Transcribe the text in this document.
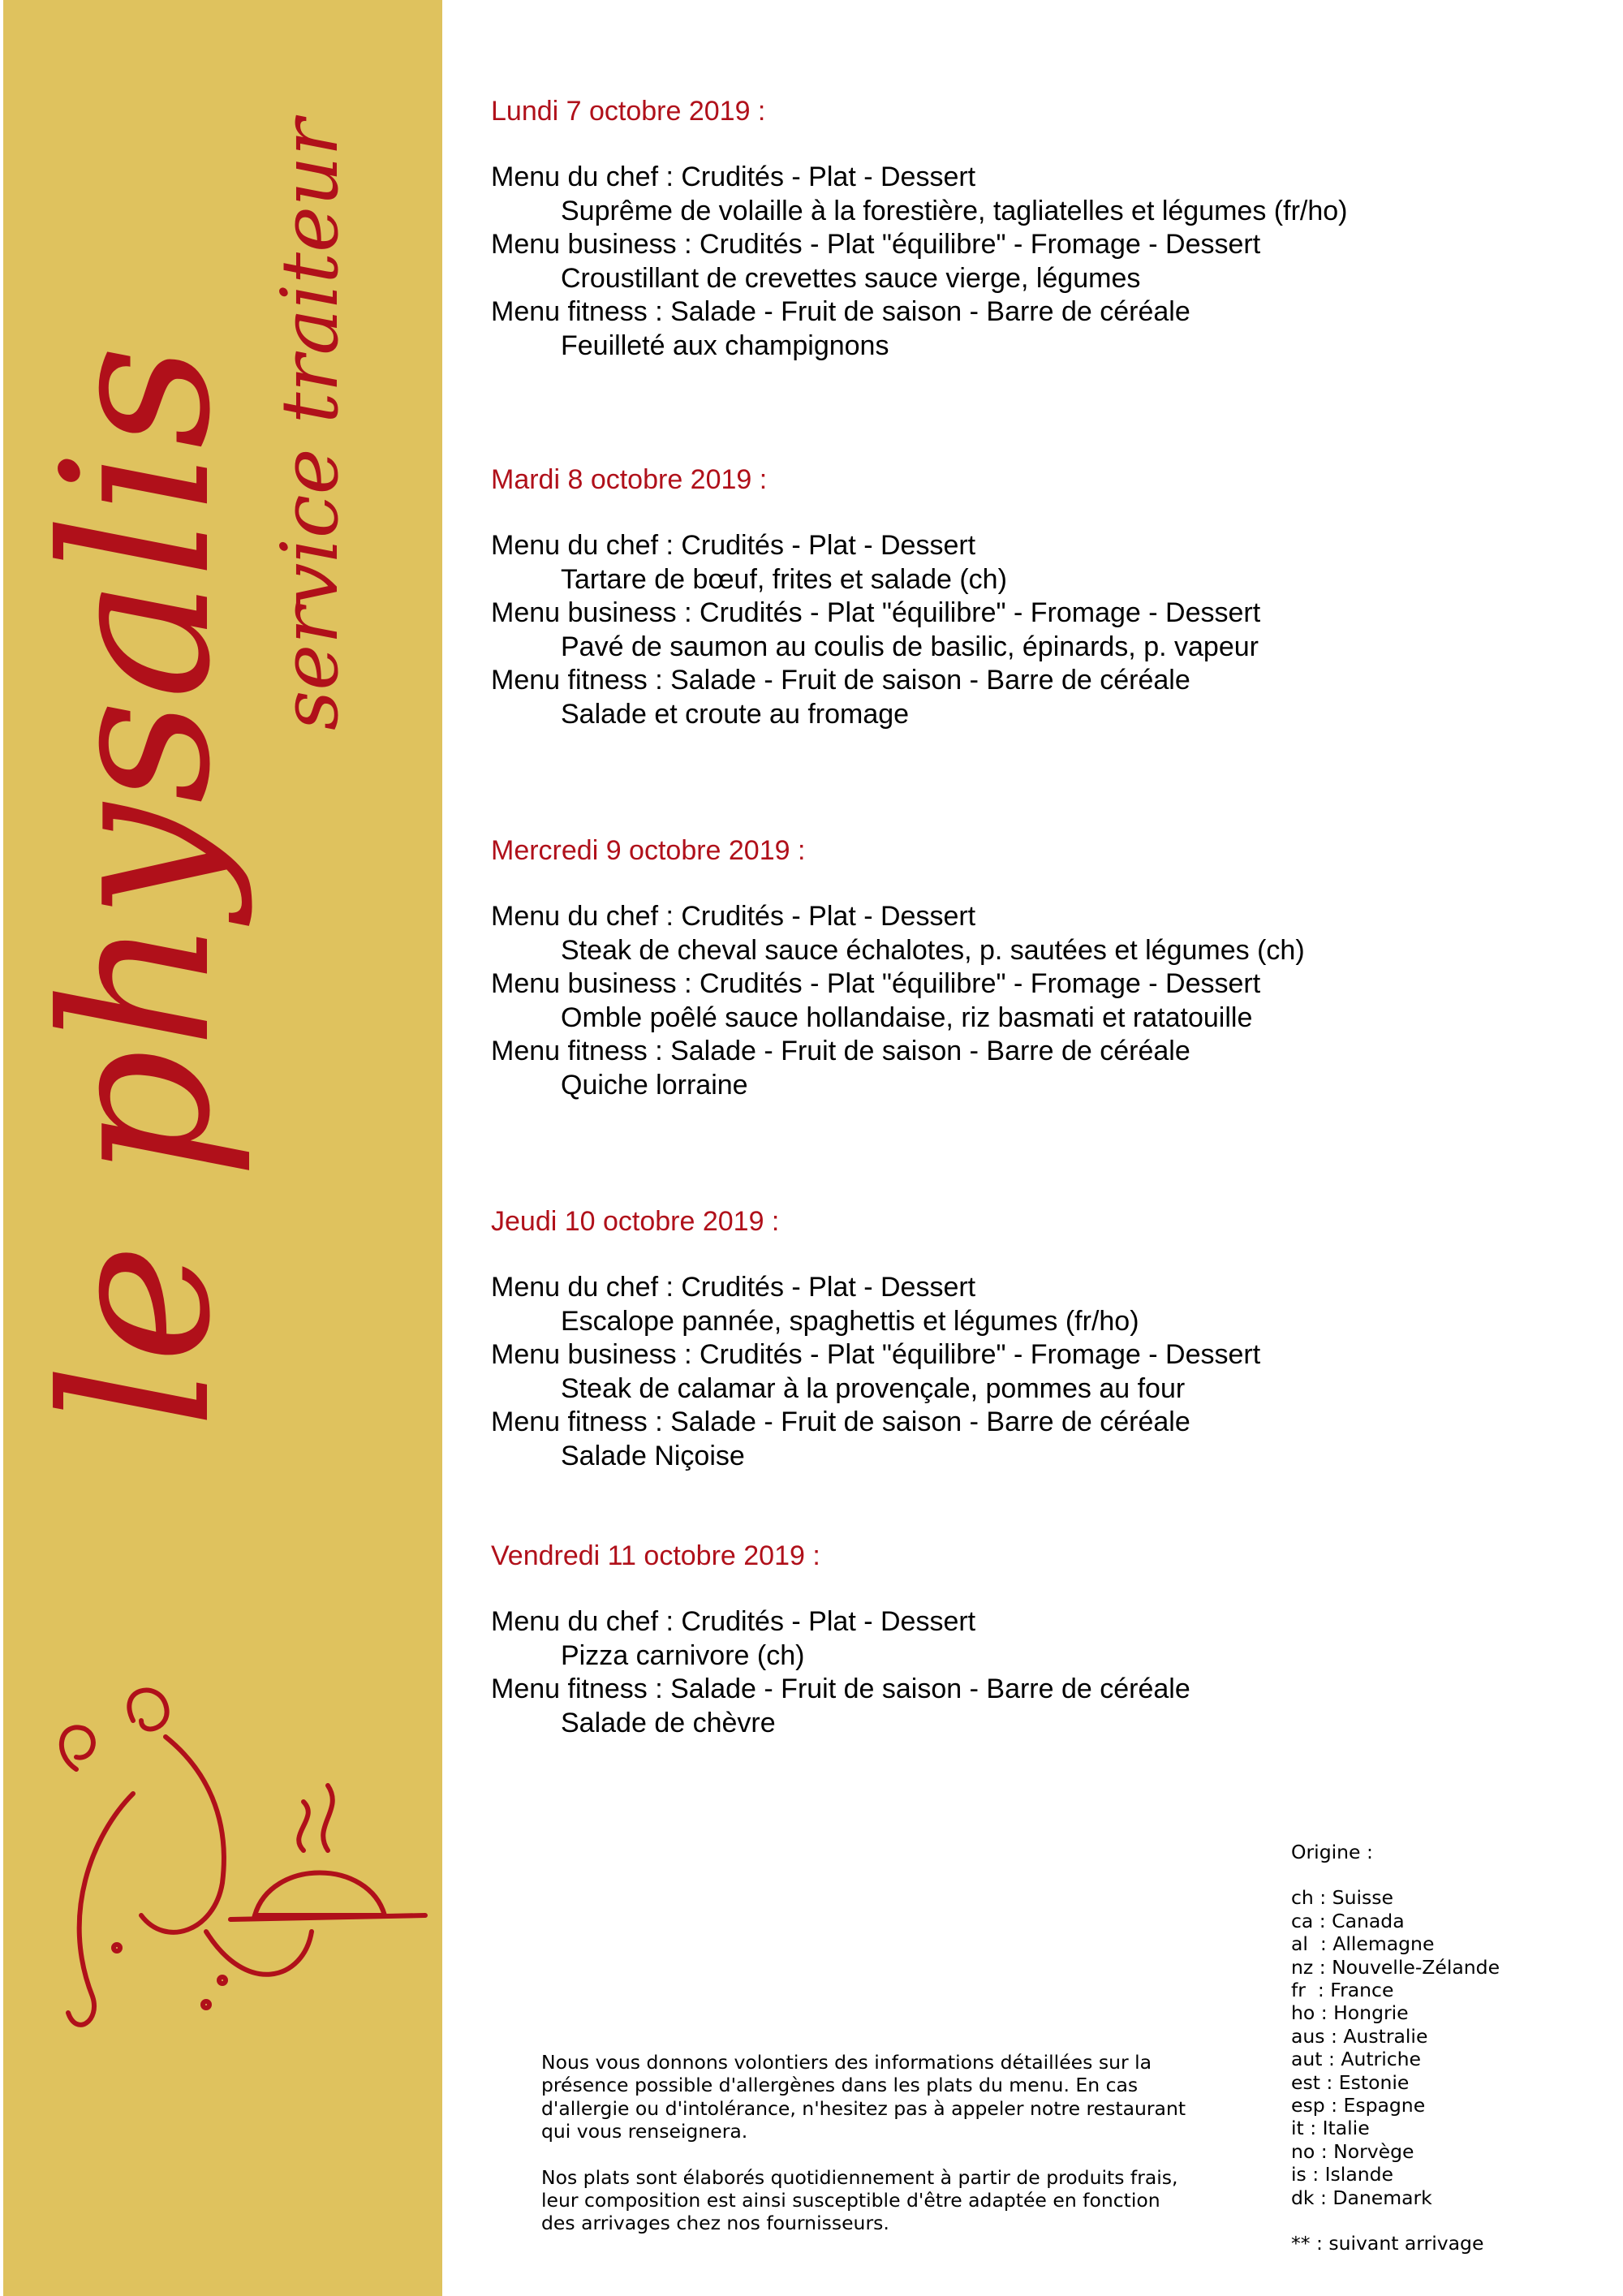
le physalis service traiteur
Lundi 7 octobre 2019 :
Menu du chef : Crudités - Plat - Dessert
Suprême de volaille à la forestière, tagliatelles et légumes (fr/ho)
Menu business : Crudités - Plat "équilibre" - Fromage - Dessert
Croustillant de crevettes sauce vierge, légumes
Menu fitness : Salade - Fruit de saison - Barre de céréale
Feuilleté aux champignons
Mardi 8 octobre 2019 :
Menu du chef : Crudités - Plat - Dessert
Tartare de bœuf, frites et salade (ch)
Menu business : Crudités - Plat "équilibre" - Fromage - Dessert
Pavé de saumon au coulis de basilic, épinards, p. vapeur
Menu fitness : Salade - Fruit de saison - Barre de céréale
Salade et croute au fromage
Mercredi 9 octobre 2019 :
Menu du chef : Crudités - Plat - Dessert
Steak de cheval sauce échalotes, p. sautées et légumes (ch)
Menu business : Crudités - Plat "équilibre" - Fromage - Dessert
Omble poêlé sauce hollandaise, riz basmati et ratatouille
Menu fitness : Salade - Fruit de saison - Barre de céréale
Quiche lorraine
Jeudi 10 octobre 2019 :
Menu du chef : Crudités - Plat - Dessert
Escalope pannée, spaghettis et légumes (fr/ho)
Menu business : Crudités - Plat "équilibre" - Fromage - Dessert
Steak de calamar à la provençale, pommes au four
Menu fitness : Salade - Fruit de saison - Barre de céréale
Salade Niçoise
Vendredi 11 octobre 2019 :
Menu du chef : Crudités - Plat - Dessert
Pizza carnivore (ch)
Menu fitness : Salade - Fruit de saison - Barre de céréale
Salade de chèvre
Origine :
ch : Suisse
ca : Canada
al  : Allemagne
nz : Nouvelle-Zélande
fr  : France
ho : Hongrie
aus : Australie
aut : Autriche
est : Estonie
esp : Espagne
it : Italie
no : Norvège
is : Islande
dk : Danemark
** : suivant arrivage

Nous vous donnons volontiers des informations détaillées sur la présence possible d'allergènes dans les plats du menu. En cas d'allergie ou d'intolérance, n'hesitez pas à appeler notre restaurant qui vous renseignera.

Nos plats sont élaborés quotidiennement à partir de produits frais, leur composition est ainsi susceptible d'être adaptée en fonction des arrivages chez nos fournisseurs.
